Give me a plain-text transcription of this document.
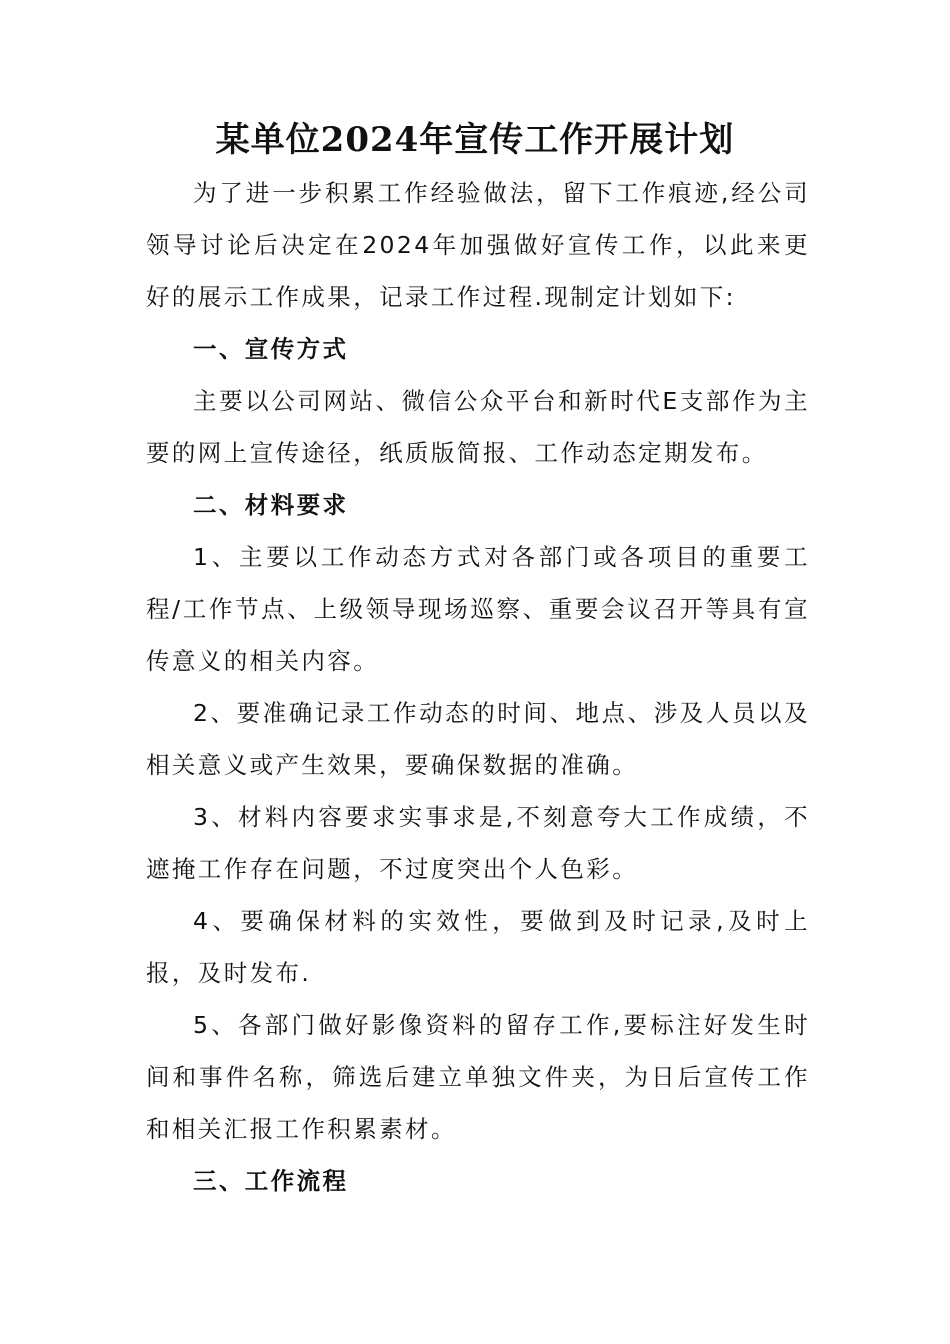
某单位2024年宣传工作开展计划

为了进一步积累工作经验做法，留下工作痕迹,经公司领导讨论后决定在2024年加强做好宣传工作，以此来更好的展示工作成果，记录工作过程.现制定计划如下:

一、宣传方式

主要以公司网站、微信公众平台和新时代E支部作为主要的网上宣传途径，纸质版简报、工作动态定期发布。

二、材料要求

1、主要以工作动态方式对各部门或各项目的重要工程/工作节点、上级领导现场巡察、重要会议召开等具有宣传意义的相关内容。

2、要准确记录工作动态的时间、地点、涉及人员以及相关意义或产生效果，要确保数据的准确。

3、材料内容要求实事求是,不刻意夸大工作成绩，不遮掩工作存在问题，不过度突出个人色彩。

4、要确保材料的实效性，要做到及时记录,及时上报，及时发布.

5、各部门做好影像资料的留存工作,要标注好发生时间和事件名称，筛选后建立单独文件夹，为日后宣传工作和相关汇报工作积累素材。

三、工作流程
